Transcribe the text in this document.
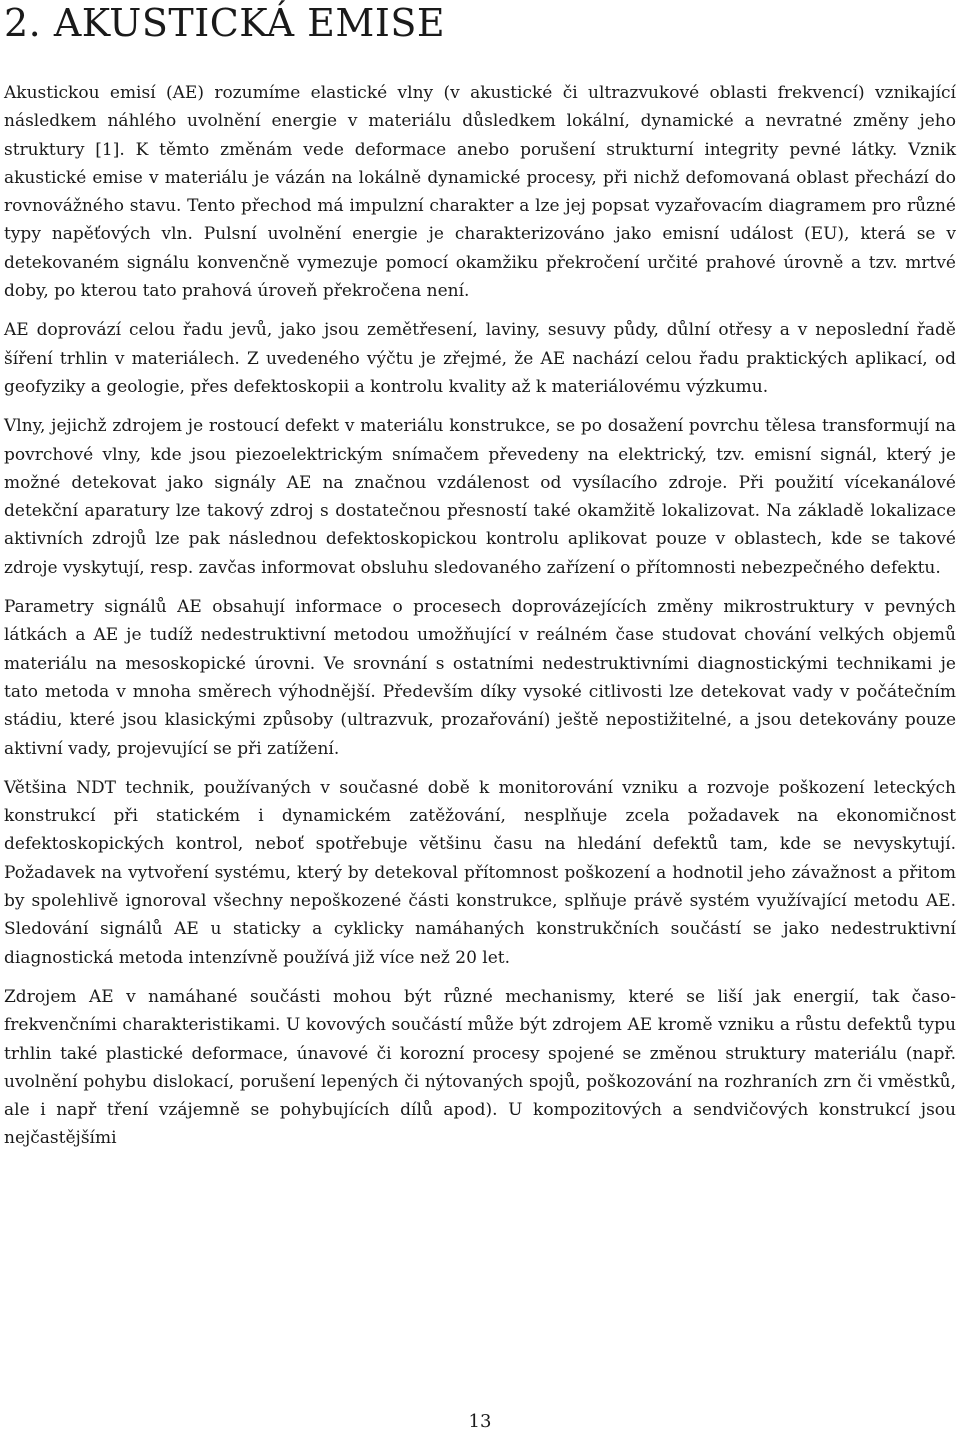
2. AKUSTICKÁ EMISE

Akustickou emisí (AE) rozumíme elastické vlny (v akustické či ultrazvukové oblasti frekvencí) vznikající následkem náhlého uvolnění energie v materiálu důsledkem lokální, dynamické a nevratné změny jeho struktury [1]. K těmto změnám vede deformace anebo porušení strukturní integrity pevné látky. Vznik akustické emise v materiálu je vázán na lokálně dynamické procesy, při nichž defomovaná oblast přechází do rovnovážného stavu. Tento přechod má impulzní charakter a lze jej popsat vyzařovacím diagramem pro různé typy napěťových vln. Pulsní uvolnění energie je charakterizováno jako emisní událost (EU), která se v detekovaném signálu konvenčně vymezuje pomocí okamžiku překročení určité prahové úrovně a tzv. mrtvé doby, po kterou tato prahová úroveň překročena není.

AE doprovází celou řadu jevů, jako jsou zemětřesení, laviny, sesuvy půdy, důlní otřesy a v neposlední řadě šíření trhlin v materiálech. Z uvedeného výčtu je zřejmé, že AE nachází celou řadu praktických aplikací, od geofyziky a geologie, přes defektoskopii a kontrolu kvality až k materiálovému výzkumu.

Vlny, jejichž zdrojem je rostoucí defekt v materiálu konstrukce, se po dosažení povrchu tělesa transformují na povrchové vlny, kde jsou piezoelektrickým snímačem převedeny na elektrický, tzv. emisní signál, který je možné detekovat jako signály AE na značnou vzdálenost od vysílacího zdroje. Při použití vícekanálové detekční aparatury lze takový zdroj s dostatečnou přesností také okamžitě lokalizovat. Na základě lokalizace aktivních zdrojů lze pak následnou defektoskopickou kontrolu aplikovat pouze v oblastech, kde se takové zdroje vyskytují, resp. zavčas informovat obsluhu sledovaného zařízení o přítomnosti nebezpečného defektu.

Parametry signálů AE obsahují informace o procesech doprovázejících změny mikrostruktury v pevných látkách a AE je tudíž nedestruktivní metodou umožňující v reálném čase studovat chování velkých objemů materiálu na mesoskopické úrovni. Ve srovnání s ostatními nedestruktivními diagnostickými technikami je tato metoda v mnoha směrech výhodnější. Především díky vysoké citlivosti lze detekovat vady v počátečním stádiu, které jsou klasickými způsoby (ultrazvuk, prozařování) ještě nepostižitelné, a jsou detekovány pouze aktivní vady, projevující se při zatížení.

Většina NDT technik, používaných v současné době k monitorování vzniku a rozvoje poškození leteckých konstrukcí při statickém i dynamickém zatěžování, nesplňuje zcela požadavek na ekonomičnost defektoskopických kontrol, neboť spotřebuje většinu času na hledání defektů tam, kde se nevyskytují. Požadavek na vytvoření systému, který by detekoval přítomnost poškození a hodnotil jeho závažnost a přitom by spolehlivě ignoroval všechny nepoškozené části konstrukce, splňuje právě systém využívající metodu AE. Sledování signálů AE u staticky a cyklicky namáhaných konstrukčních součástí se jako nedestruktivní diagnostická metoda intenzívně používá již více než 20 let.

Zdrojem AE v namáhané součásti mohou být různé mechanismy, které se liší jak energií, tak časo-frekvenčními charakteristikami. U kovových součástí může být zdrojem AE kromě vzniku a růstu defektů typu trhlin také plastické deformace, únavové či korozní procesy spojené se změnou struktury materiálu (např. uvolnění pohybu dislokací, porušení lepených či nýtovaných spojů, poškozování na rozhraních zrn či vměstků, ale i např tření vzájemně se pohybujících dílů apod). U kompozitových a sendvičových konstrukcí jsou nejčastějšími

13
